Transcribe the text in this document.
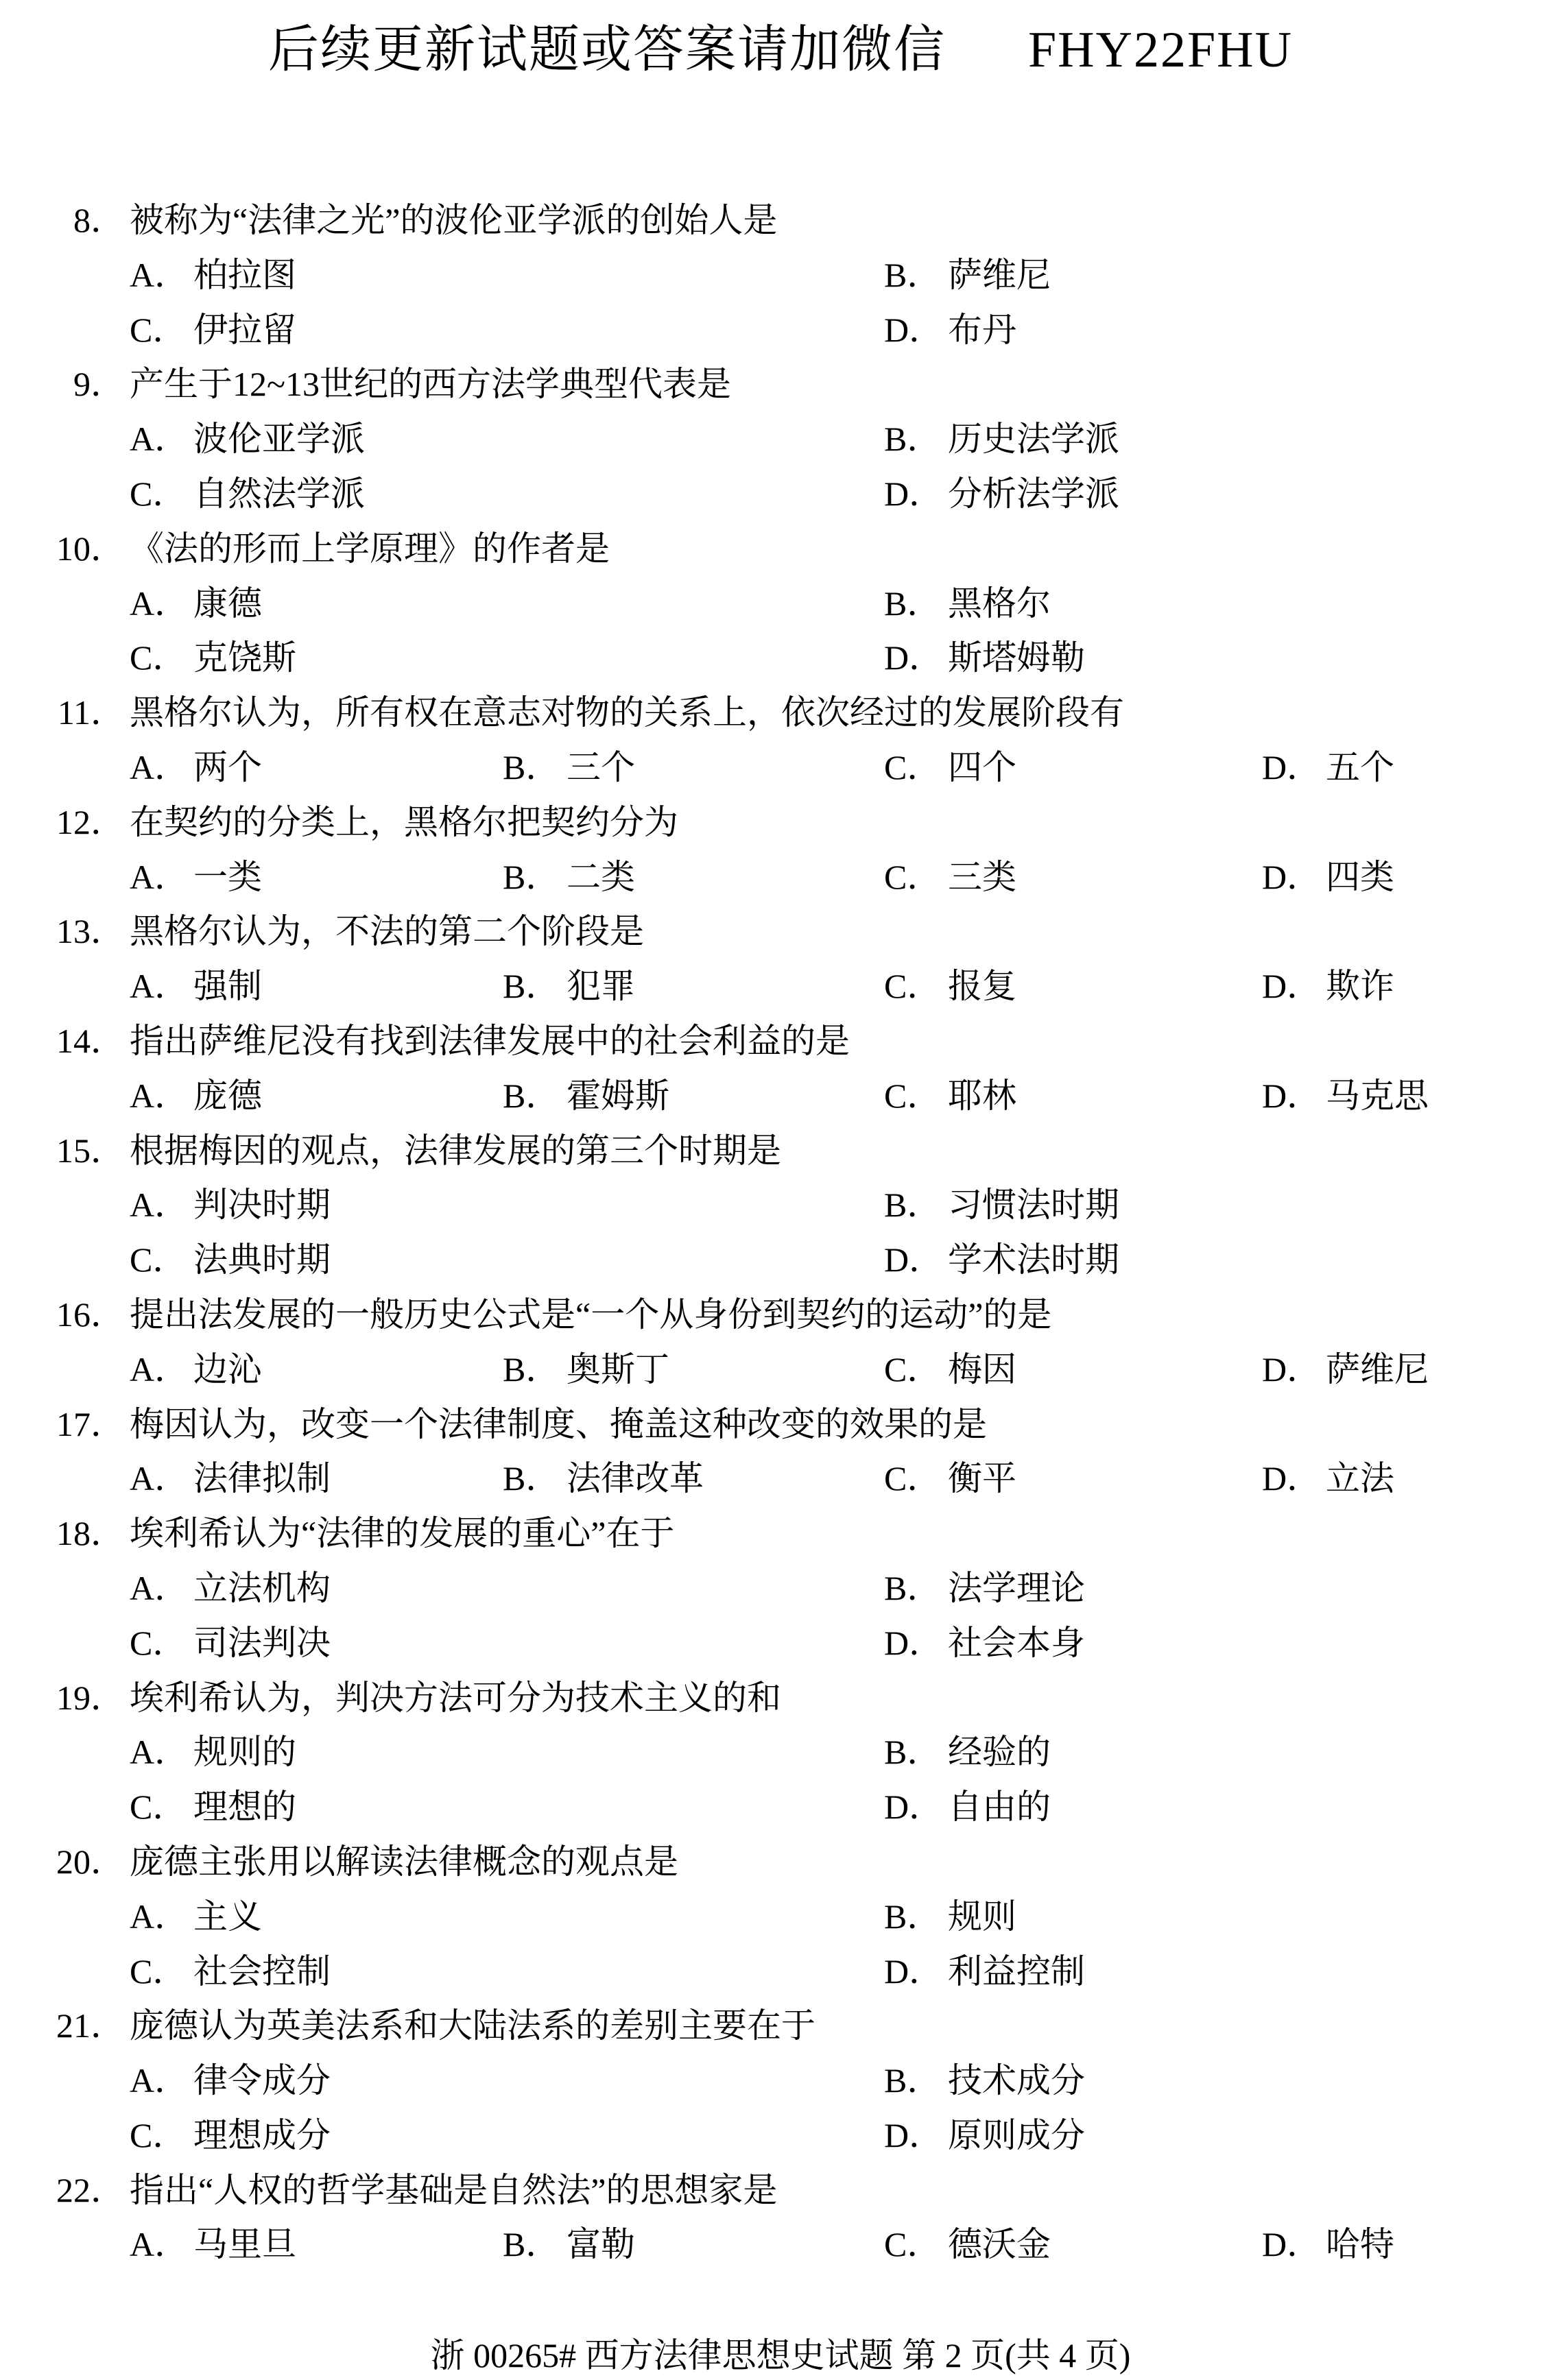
后续更新试题或答案请加微信 FHY22FHU
8． 被称为“法律之光”的波伦亚学派的创始人是
A． 柏拉图	B． 萨维尼
C． 伊拉留	D． 布丹
9． 产生于12~13世纪的西方法学典型代表是
A． 波伦亚学派	B． 历史法学派
C． 自然法学派	D． 分析法学派
10． 《法的形而上学原理》的作者是
A． 康德	B． 黑格尔
C． 克饶斯	D． 斯塔姆勒
11． 黑格尔认为，所有权在意志对物的关系上，依次经过的发展阶段有
A． 两个	B． 三个	C． 四个	D． 五个
12． 在契约的分类上，黑格尔把契约分为
A． 一类	B． 二类	C． 三类	D． 四类
13． 黑格尔认为，不法的第二个阶段是
A． 强制	B． 犯罪	C． 报复	D． 欺诈
14． 指出萨维尼没有找到法律发展中的社会利益的是
A． 庞德	B． 霍姆斯	C． 耶林	D． 马克思
15． 根据梅因的观点，法律发展的第三个时期是
A． 判决时期	B． 习惯法时期
C． 法典时期	D． 学术法时期
16． 提出法发展的一般历史公式是“一个从身份到契约的运动”的是
A． 边沁	B． 奥斯丁	C． 梅因	D． 萨维尼
17． 梅因认为，改变一个法律制度、掩盖这种改变的效果的是
A． 法律拟制	B． 法律改革	C． 衡平	D． 立法
18． 埃利希认为“法律的发展的重心”在于
A． 立法机构	B． 法学理论
C． 司法判决	D． 社会本身
19． 埃利希认为，判决方法可分为技术主义的和
A． 规则的	B． 经验的
C． 理想的	D． 自由的
20． 庞德主张用以解读法律概念的观点是
A． 主义	B． 规则
C． 社会控制	D． 利益控制
21． 庞德认为英美法系和大陆法系的差别主要在于
A． 律令成分	B． 技术成分
C． 理想成分	D． 原则成分
22． 指出“人权的哲学基础是自然法”的思想家是
A． 马里旦	B． 富勒	C． 德沃金	D． 哈特
浙 00265# 西方法律思想史试题 第 2 页(共 4 页)
